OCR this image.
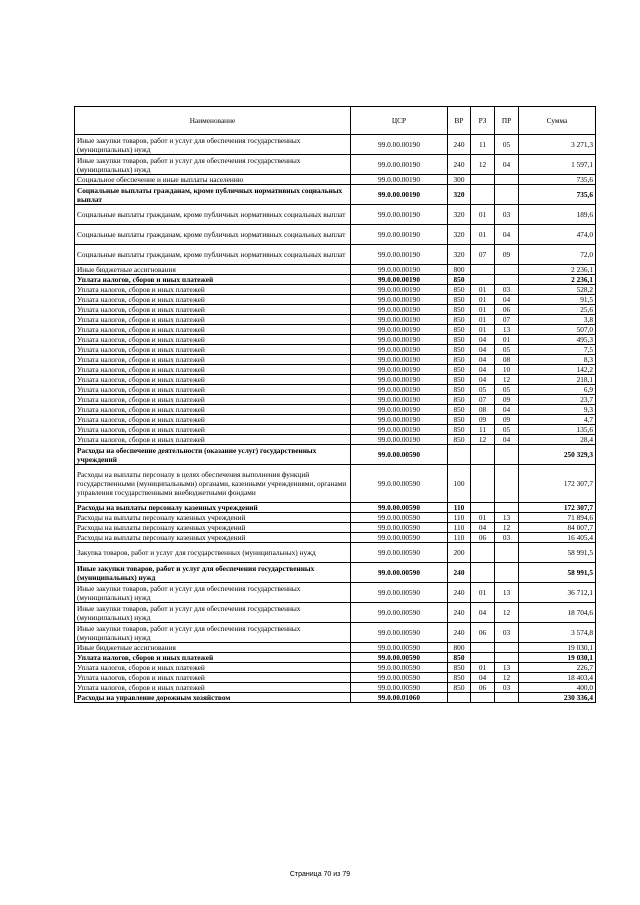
Наименование	ЦСР	ВР	РЗ	ПР	Сумма
Иные закупки товаров, работ и услуг для обеспечения государственных (муниципальных) нужд	99.0.00.00190	240	11	05	3 271,3
Иные закупки товаров, работ и услуг для обеспечения государственных (муниципальных) нужд	99.0.00.00190	240	12	04	1 597,1
Социальное обеспечение и иные выплаты населению	99.0.00.00190	300			735,6
Социальные выплаты гражданам, кроме публичных нормативных социальных выплат	99.0.00.00190	320			735,6
Социальные выплаты гражданам, кроме публичных нормативных социальных выплат	99.0.00.00190	320	01	03	189,6
Социальные выплаты гражданам, кроме публичных нормативных социальных выплат	99.0.00.00190	320	01	04	474,0
Социальные выплаты гражданам, кроме публичных нормативных социальных выплат	99.0.00.00190	320	07	09	72,0
Иные бюджетные ассигнования	99.0.00.00190	800			2 236,1
Уплата налогов, сборов и иных платежей	99.0.00.00190	850			2 236,1
Уплата налогов, сборов и иных платежей	99.0.00.00190	850	01	03	528,2
Уплата налогов, сборов и иных платежей	99.0.00.00190	850	01	04	91,5
Уплата налогов, сборов и иных платежей	99.0.00.00190	850	01	06	25,6
Уплата налогов, сборов и иных платежей	99.0.00.00190	850	01	07	3,8
Уплата налогов, сборов и иных платежей	99.0.00.00190	850	01	13	507,0
Уплата налогов, сборов и иных платежей	99.0.00.00190	850	04	01	495,3
Уплата налогов, сборов и иных платежей	99.0.00.00190	850	04	05	7,5
Уплата налогов, сборов и иных платежей	99.0.00.00190	850	04	08	8,3
Уплата налогов, сборов и иных платежей	99.0.00.00190	850	04	10	142,2
Уплата налогов, сборов и иных платежей	99.0.00.00190	850	04	12	218,1
Уплата налогов, сборов и иных платежей	99.0.00.00190	850	05	05	6,9
Уплата налогов, сборов и иных платежей	99.0.00.00190	850	07	09	23,7
Уплата налогов, сборов и иных платежей	99.0.00.00190	850	08	04	9,3
Уплата налогов, сборов и иных платежей	99.0.00.00190	850	09	09	4,7
Уплата налогов, сборов и иных платежей	99.0.00.00190	850	11	05	135,6
Уплата налогов, сборов и иных платежей	99.0.00.00190	850	12	04	28,4
Расходы на обеспечение деятельности (оказание услуг) государственных учреждений	99.0.00.00590				250 329,3
Расходы на выплаты персоналу в целях обеспечения выполнения функций государственными (муниципальными) органами, казенными учреждениями, органами управления государственными внебюджетными фондами	99.0.00.00590	100			172 307,7
Расходы на выплаты персоналу казенных учреждений	99.0.00.00590	110			172 307,7
Расходы на выплаты персоналу казенных учреждений	99.0.00.00590	110	01	13	71 894,6
Расходы на выплаты персоналу казенных учреждений	99.0.00.00590	110	04	12	84 007,7
Расходы на выплаты персоналу казенных учреждений	99.0.00.00590	110	06	03	16 405,4
Закупка товаров, работ и услуг для государственных (муниципальных) нужд	99.0.00.00590	200			58 991,5
Иные закупки товаров, работ и услуг для обеспечения государственных (муниципальных) нужд	99.0.00.00590	240			58 991,5
Иные закупки товаров, работ и услуг для обеспечения государственных (муниципальных) нужд	99.0.00.00590	240	01	13	36 712,1
Иные закупки товаров, работ и услуг для обеспечения государственных (муниципальных) нужд	99.0.00.00590	240	04	12	18 704,6
Иные закупки товаров, работ и услуг для обеспечения государственных (муниципальных) нужд	99.0.00.00590	240	06	03	3 574,8
Иные бюджетные ассигнования	99.0.00.00590	800			19 030,1
Уплата налогов, сборов и иных платежей	99.0.00.00590	850			19 030,1
Уплата налогов, сборов и иных платежей	99.0.00.00590	850	01	13	226,7
Уплата налогов, сборов и иных платежей	99.0.00.00590	850	04	12	18 403,4
Уплата налогов, сборов и иных платежей	99.0.00.00590	850	06	03	400,0
Расходы на управление дорожным хозяйством	99.0.00.01060				230 336,4
Страница 70 из 79
